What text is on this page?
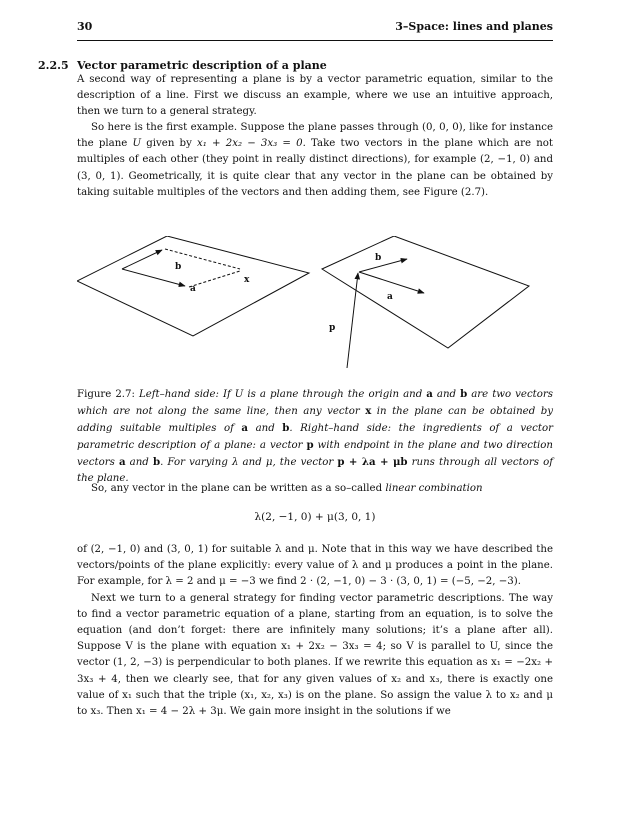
30	3–Space: lines and planes
2.2.5 Vector parametric description of a plane

A second way of representing a plane is by a vector parametric equation, similar to the description of a line. First we discuss an example, where we use an intuitive approach, then we turn to a general strategy.

So here is the first example. Suppose the plane passes through (0, 0, 0), like for instance the plane U given by x₁ + 2x₂ − 3x₃ = 0. Take two vectors in the plane which are not multiples of each other (they point in really distinct directions), for example (2, −1, 0) and (3, 0, 1). Geometrically, it is quite clear that any vector in the plane can be obtained by taking suitable multiples of the vectors and then adding them, see Figure (2.7).

b
a
x
b
a
p
Figure 2.7: Left–hand side: If U is a plane through the origin and a and b are two vectors which are not along the same line, then any vector x in the plane can be obtained by adding suitable multiples of a and b. Right–hand side: the ingredients of a vector parametric description of a plane: a vector p with endpoint in the plane and two direction vectors a and b. For varying λ and μ, the vector p + λa + μb runs through all vectors of the plane.

So, any vector in the plane can be written as a so–called linear combination

λ(2, −1, 0) + μ(3, 0, 1)

of (2, −1, 0) and (3, 0, 1) for suitable λ and μ. Note that in this way we have described the vectors/points of the plane explicitly: every value of λ and μ produces a point in the plane. For example, for λ = 2 and μ = −3 we find 2 · (2, −1, 0) − 3 · (3, 0, 1) = (−5, −2, −3).

Next we turn to a general strategy for finding vector parametric descriptions. The way to find a vector parametric equation of a plane, starting from an equation, is to solve the equation (and don’t forget: there are infinitely many solutions; it’s a plane after all). Suppose V is the plane with equation x₁ + 2x₂ − 3x₃ = 4; so V is parallel to U, since the vector (1, 2, −3) is perpendicular to both planes. If we rewrite this equation as x₁ = −2x₂ + 3x₃ + 4, then we clearly see, that for any given values of x₂ and x₃, there is exactly one value of x₁ such that the triple (x₁, x₂, x₃) is on the plane. So assign the value λ to x₂ and μ to x₃. Then x₁ = 4 − 2λ + 3μ. We gain more insight in the solutions if we
